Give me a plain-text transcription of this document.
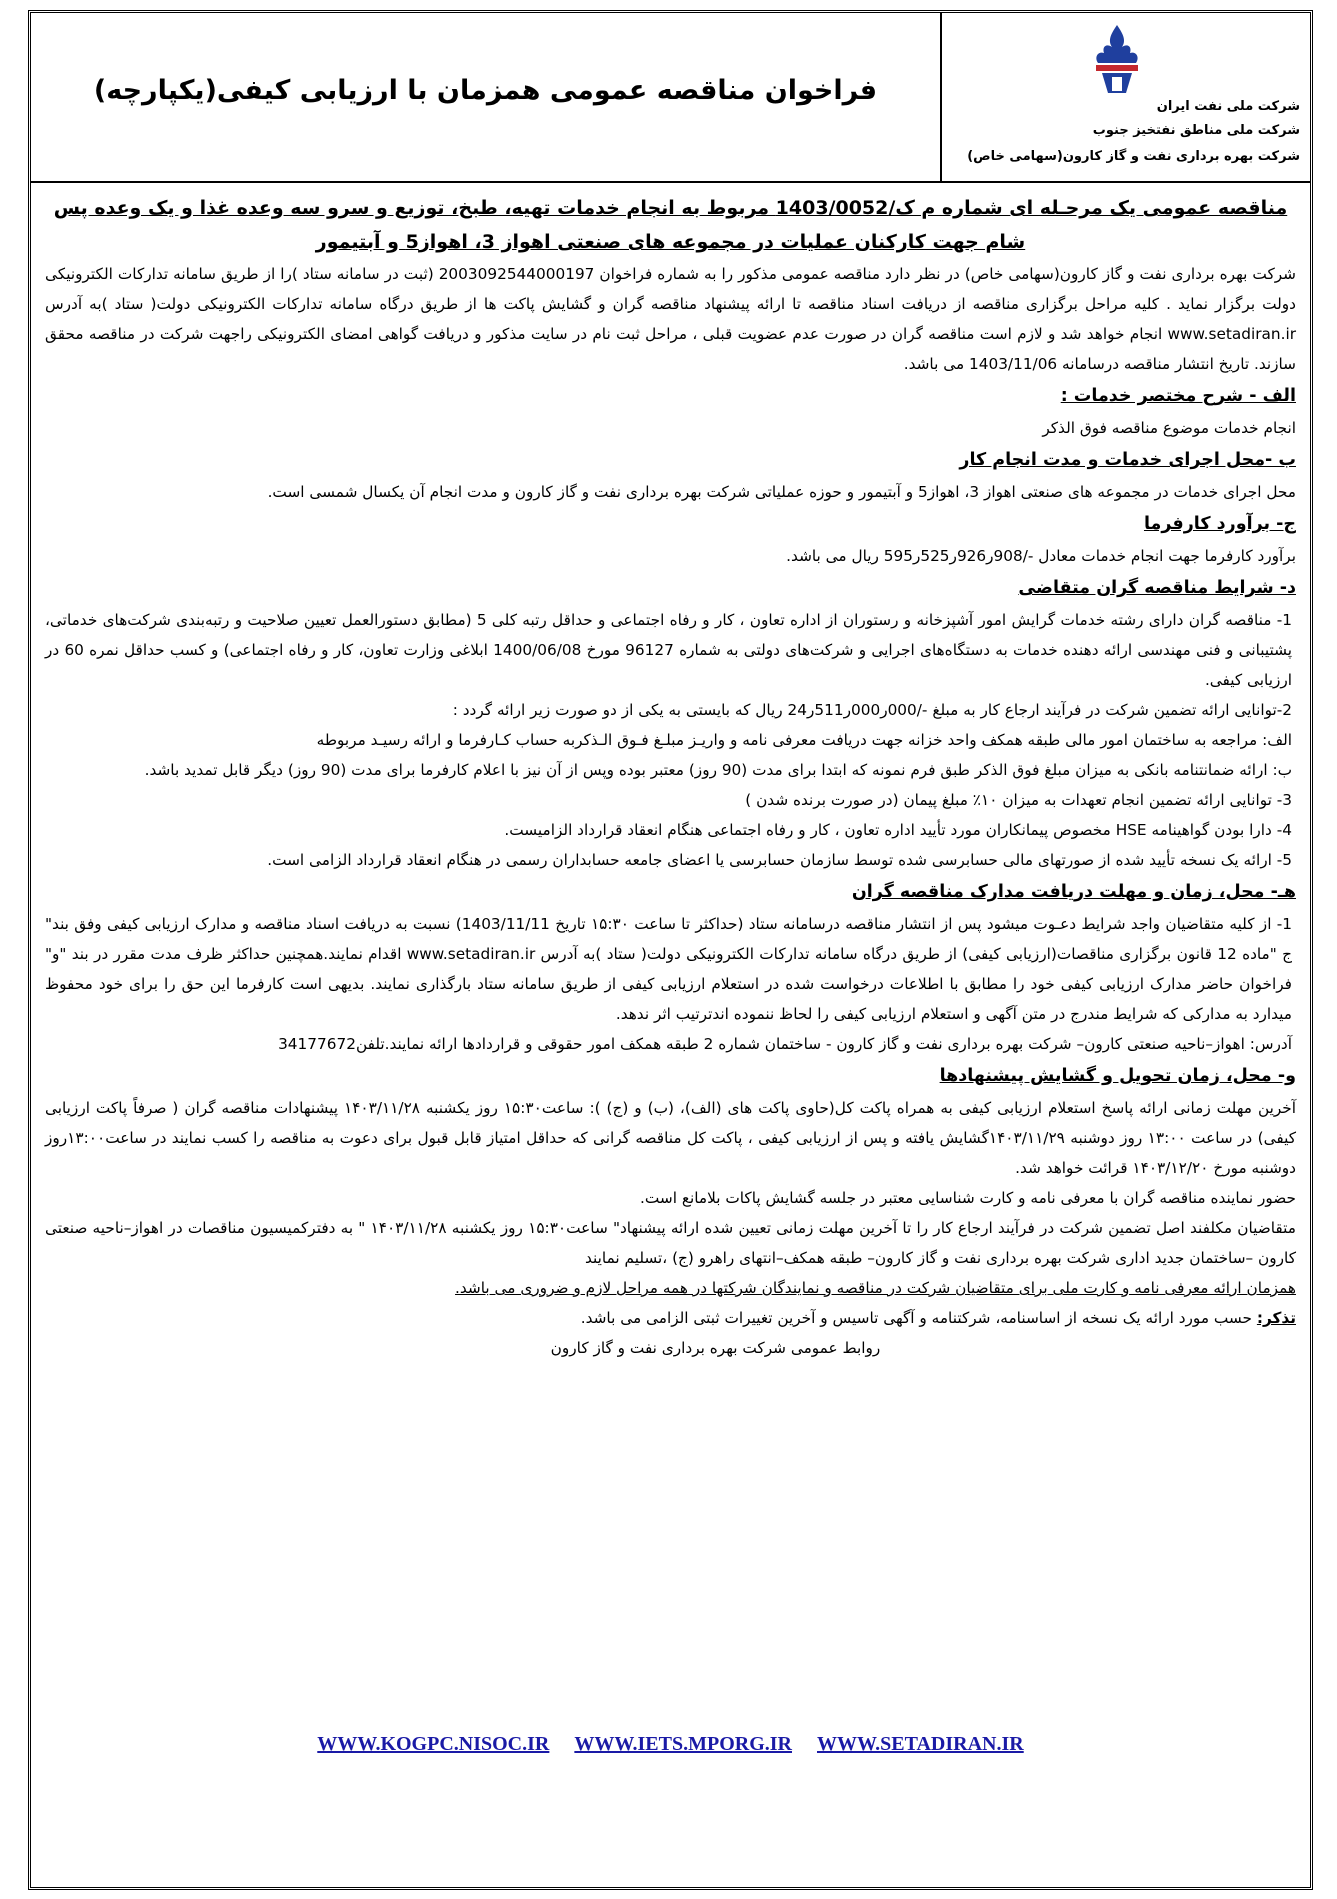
شرکت ملی نفت ایران
شرکت ملی مناطق نفتخیز جنوب
شرکت بهره برداری نفت و گاز کارون(سهامی خاص)
فراخوان مناقصه عمومی همزمان با ارزیابی کیفی(یکپارچه)

مناقصه عمومی یک مرحـله ای شماره م ک/1403/0052 مربوط به انجام خدمات تهیه، طبخ، توزیع و سرو سه وعده غذا و یک وعده پس

شام جهت کارکنان عملیات در مجموعه های صنعتی اهواز 3، اهواز5 و آبتیمور

شرکت بهره برداری نفت و گاز کارون(سهامی خاص) در نظر دارد مناقصه عمومی مذکور را به شماره فراخوان 2003092544000197 (ثبت در سامانه ستاد )را از طریق سامانه تدارکات الکترونیکی دولت برگزار نماید . کلیه مراحل برگزاری مناقصه از دریافت اسناد مناقصه تا ارائه پیشنهاد مناقصه گران و گشایش پاکت ها از طریق درگاه سامانه تدارکات الکترونیکی دولت( ستاد )به آدرس www.setadiran.ir انجام خواهد شد و لازم است مناقصه گران در صورت عدم عضویت قبلی ، مراحل ثبت نام در سایت مذکور و دریافت گواهی امضای الکترونیکی راجهت شرکت در مناقصه محقق سازند. تاریخ انتشار مناقصه درسامانه 1403/11/06 می باشد.

الف - شرح مختصر خدمات :

انجام خدمات موضوع مناقصه فوق الذکر

ب -محل اجرای خدمات و مدت انجام کار

محل اجرای خدمات در مجموعه های صنعتی اهواز 3، اهواز5 و آبتیمور و حوزه عملیاتی شرکت بهره برداری نفت و گاز کارون و مدت انجام آن یکسال شمسی است.

ج- برآورد کارفرما

برآورد کارفرما جهت انجام خدمات معادل -/908ر926ر525ر595 ریال می باشد.

د- شرایط مناقصه گران متقاضی

1- مناقصه گران دارای رشته خدمات گرایش امور آشپزخانه و رستوران از اداره تعاون ، کار و رفاه اجتماعی و حداقل رتبه کلی 5 (مطابق دستورالعمل تعیین صلاحیت و رتبه‌بندی شرکت‌های خدماتی، پشتیبانی و فنی مهندسی ارائه دهنده خدمات به دستگاه‌های اجرایی و شرکت‌های دولتی به شماره 96127 مورخ 1400/06/08 ابلاغی وزارت تعاون، کار و رفاه اجتماعی) و کسب حداقل نمره 60 در ارزیابی کیفی.

2-توانایی ارائه تضمین شرکت در فرآیند ارجاع کار به مبلغ -/000ر000ر511ر24 ریال که بایستی به یکی از دو صورت زیر ارائه گردد :

الف: مراجعه به ساختمان امور مالی طبقه همکف واحد خزانه جهت دریافت معرفی نامه و واریـز مبلـغ فـوق الـذکربه حساب کـارفرما و ارائه رسیـد مربوطه

ب: ارائه ضمانتنامه بانکی به میزان مبلغ فوق الذکر طبق فرم نمونه که ابتدا برای مدت (90 روز) معتبر بوده وپس از آن نیز با اعلام کارفرما برای مدت (90 روز) دیگر قابل تمدید باشد.

3- توانایی ارائه تضمین انجام تعهدات به میزان ۱۰٪ مبلغ پیمان (در صورت برنده شدن )

4- دارا بودن گواهینامه HSE مخصوص پیمانکاران مورد تأیید اداره تعاون ، کار و رفاه اجتماعی هنگام انعقاد قرارداد الزامیست.

5- ارائه یک نسخه تأیید شده از صورتهای مالی حسابرسی شده توسط سازمان حسابرسی یا اعضای جامعه حسابداران رسمی در هنگام انعقاد قرارداد الزامی است.

هـ- محل، زمان و مهلت دریافت مدارک مناقصه گران

1- از کلیه متقاضیان واجد شرایط دعـوت میشود پس از انتشار مناقصه درسامانه ستاد (حداکثر تا ساعت ۱۵:۳۰ تاریخ 1403/11/11) نسبت به دریافت اسناد مناقصه و مدارک ارزیابی کیفی وفق بند" ج "ماده 12 قانون برگزاری مناقصات(ارزیابی کیفی) از طریق درگاه سامانه تدارکات الکترونیکی دولت( ستاد )به آدرس www.setadiran.ir اقدام نمایند.همچنین حداکثر ظرف مدت مقرر در بند "و" فراخوان حاضر مدارک ارزیابی کیفی خود را مطابق با اطلاعات درخواست شده در استعلام ارزیابی کیفی از طریق سامانه ستاد بارگذاری نمایند. بدیهی است کارفرما این حق را برای خود محفوظ میدارد به مدارکی که شرایط مندرج در متن آگهی و استعلام ارزیابی کیفی را لحاظ ننموده اندترتیب اثر ندهد.

آدرس: اهواز–ناحیه صنعتی کارون– شرکت بهره برداری نفت و گاز کارون - ساختمان شماره 2 طبقه همکف امور حقوقی و قراردادها ارائه نمایند.تلفن34177672

و- محل، زمان تحویل و گشایش پیشنهادها

آخرین مهلت زمانی ارائه پاسخ استعلام ارزیابی کیفی به همراه پاکت کل(حاوی پاکت های (الف)، (ب) و (ج) ): ساعت۱۵:۳۰ روز یکشنبه ۱۴۰۳/۱۱/۲۸ پیشنهادات مناقصه گران ( صرفاً پاکت ارزیابی کیفی) در ساعت ۱۳:۰۰ روز دوشنبه ۱۴۰۳/۱۱/۲۹گشایش یافته و پس از ارزیابی کیفی ، پاکت کل مناقصه گرانی که حداقل امتیاز قابل قبول برای دعوت به مناقصه را کسب نمایند در ساعت۱۳:۰۰روز دوشنبه مورخ ۱۴۰۳/۱۲/۲۰ قرائت خواهد شد.

حضور نماینده مناقصه گران با معرفی نامه و کارت شناسایی معتبر در جلسه گشایش پاکات بلامانع است.

متقاضیان مکلفند اصل تضمین شرکت در فرآیند ارجاع کار را تا آخرین مهلت زمانی تعیین شده ارائه پیشنهاد" ساعت۱۵:۳۰ روز یکشنبه ۱۴۰۳/۱۱/۲۸ " به دفترکمیسیون مناقصات در اهواز–ناحیه صنعتی کارون –ساختمان جدید اداری شرکت بهره برداری نفت و گاز کارون– طبقه همکف–انتهای راهرو (ج) ،تسلیم نمایند

همزمان ارائه معرفی نامه و کارت ملی برای متقاضیان شرکت در مناقصه و نمایندگان شرکتها در همه مراحل لازم و ضروری می باشد.

تذکر: حسب مورد ارائه یک نسخه از اساسنامه، شرکتنامه و آگهی تاسیس و آخرین تغییرات ثبتی الزامی می باشد.

روابط عمومی شرکت بهره برداری نفت و گاز کارون

WWW.KOGPC.NISOC.IR WWW.IETS.MPORG.IR WWW.SETADIRAN.IR
